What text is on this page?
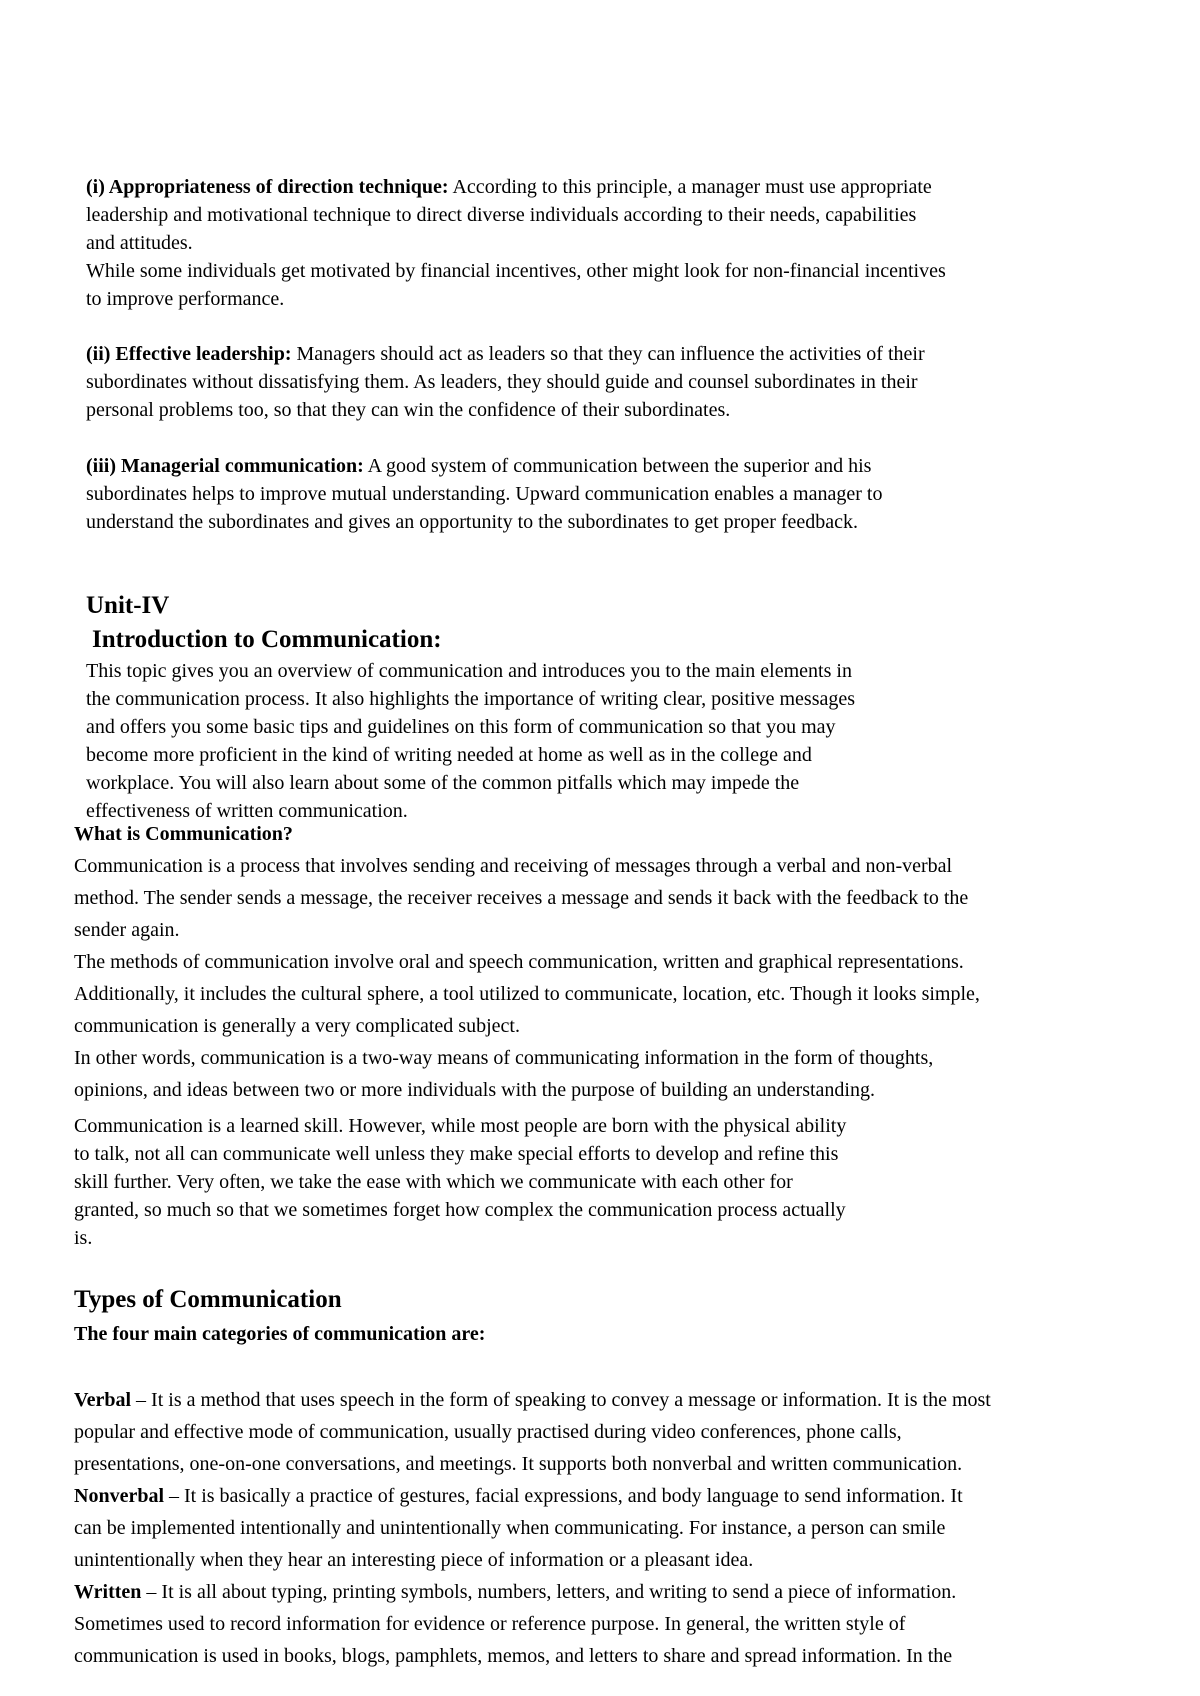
(i) Appropriateness of direction technique: According to this principle, a manager must use appropriate
leadership and motivational technique to direct diverse individuals according to their needs, capabilities
and attitudes.
While some individuals get motivated by financial incentives, other might look for non-financial incentives
to improve performance.
(ii) Effective leadership: Managers should act as leaders so that they can influence the activities of their
subordinates without dissatisfying them. As leaders, they should guide and counsel subordinates in their
personal problems too, so that they can win the confidence of their subordinates.
(iii) Managerial communication: A good system of communication between the superior and his
subordinates helps to improve mutual understanding. Upward communication enables a manager to
understand the subordinates and gives an opportunity to the subordinates to get proper feedback.
Unit-IV
Introduction to Communication:
This topic gives you an overview of communication and introduces you to the main elements in
the communication process. It also highlights the importance of writing clear, positive messages
and offers you some basic tips and guidelines on this form of communication so that you may
become more proficient in the kind of writing needed at home as well as in the college and
workplace. You will also learn about some of the common pitfalls which may impede the
effectiveness of written communication.
What is Communication?
Communication is a process that involves sending and receiving of messages through a verbal and non-verbal
method. The sender sends a message, the receiver receives a message and sends it back with the feedback to the
sender again.
The methods of communication involve oral and speech communication, written and graphical representations.
Additionally, it includes the cultural sphere, a tool utilized to communicate, location, etc. Though it looks simple,
communication is generally a very complicated subject.
In other words, communication is a two-way means of communicating information in the form of thoughts,
opinions, and ideas between two or more individuals with the purpose of building an understanding.
Communication is a learned skill. However, while most people are born with the physical ability
to talk, not all can communicate well unless they make special efforts to develop and refine this
skill further. Very often, we take the ease with which we communicate with each other for
granted, so much so that we sometimes forget how complex the communication process actually
is.
Types of Communication
The four main categories of communication are:
Verbal – It is a method that uses speech in the form of speaking to convey a message or information. It is the most
popular and effective mode of communication, usually practised during video conferences, phone calls,
presentations, one-on-one conversations, and meetings. It supports both nonverbal and written communication.
Nonverbal – It is basically a practice of gestures, facial expressions, and body language to send information. It
can be implemented intentionally and unintentionally when communicating. For instance, a person can smile
unintentionally when they hear an interesting piece of information or a pleasant idea.
Written – It is all about typing, printing symbols, numbers, letters, and writing to send a piece of information.
Sometimes used to record information for evidence or reference purpose. In general, the written style of
communication is used in books, blogs, pamphlets, memos, and letters to share and spread information. In the
